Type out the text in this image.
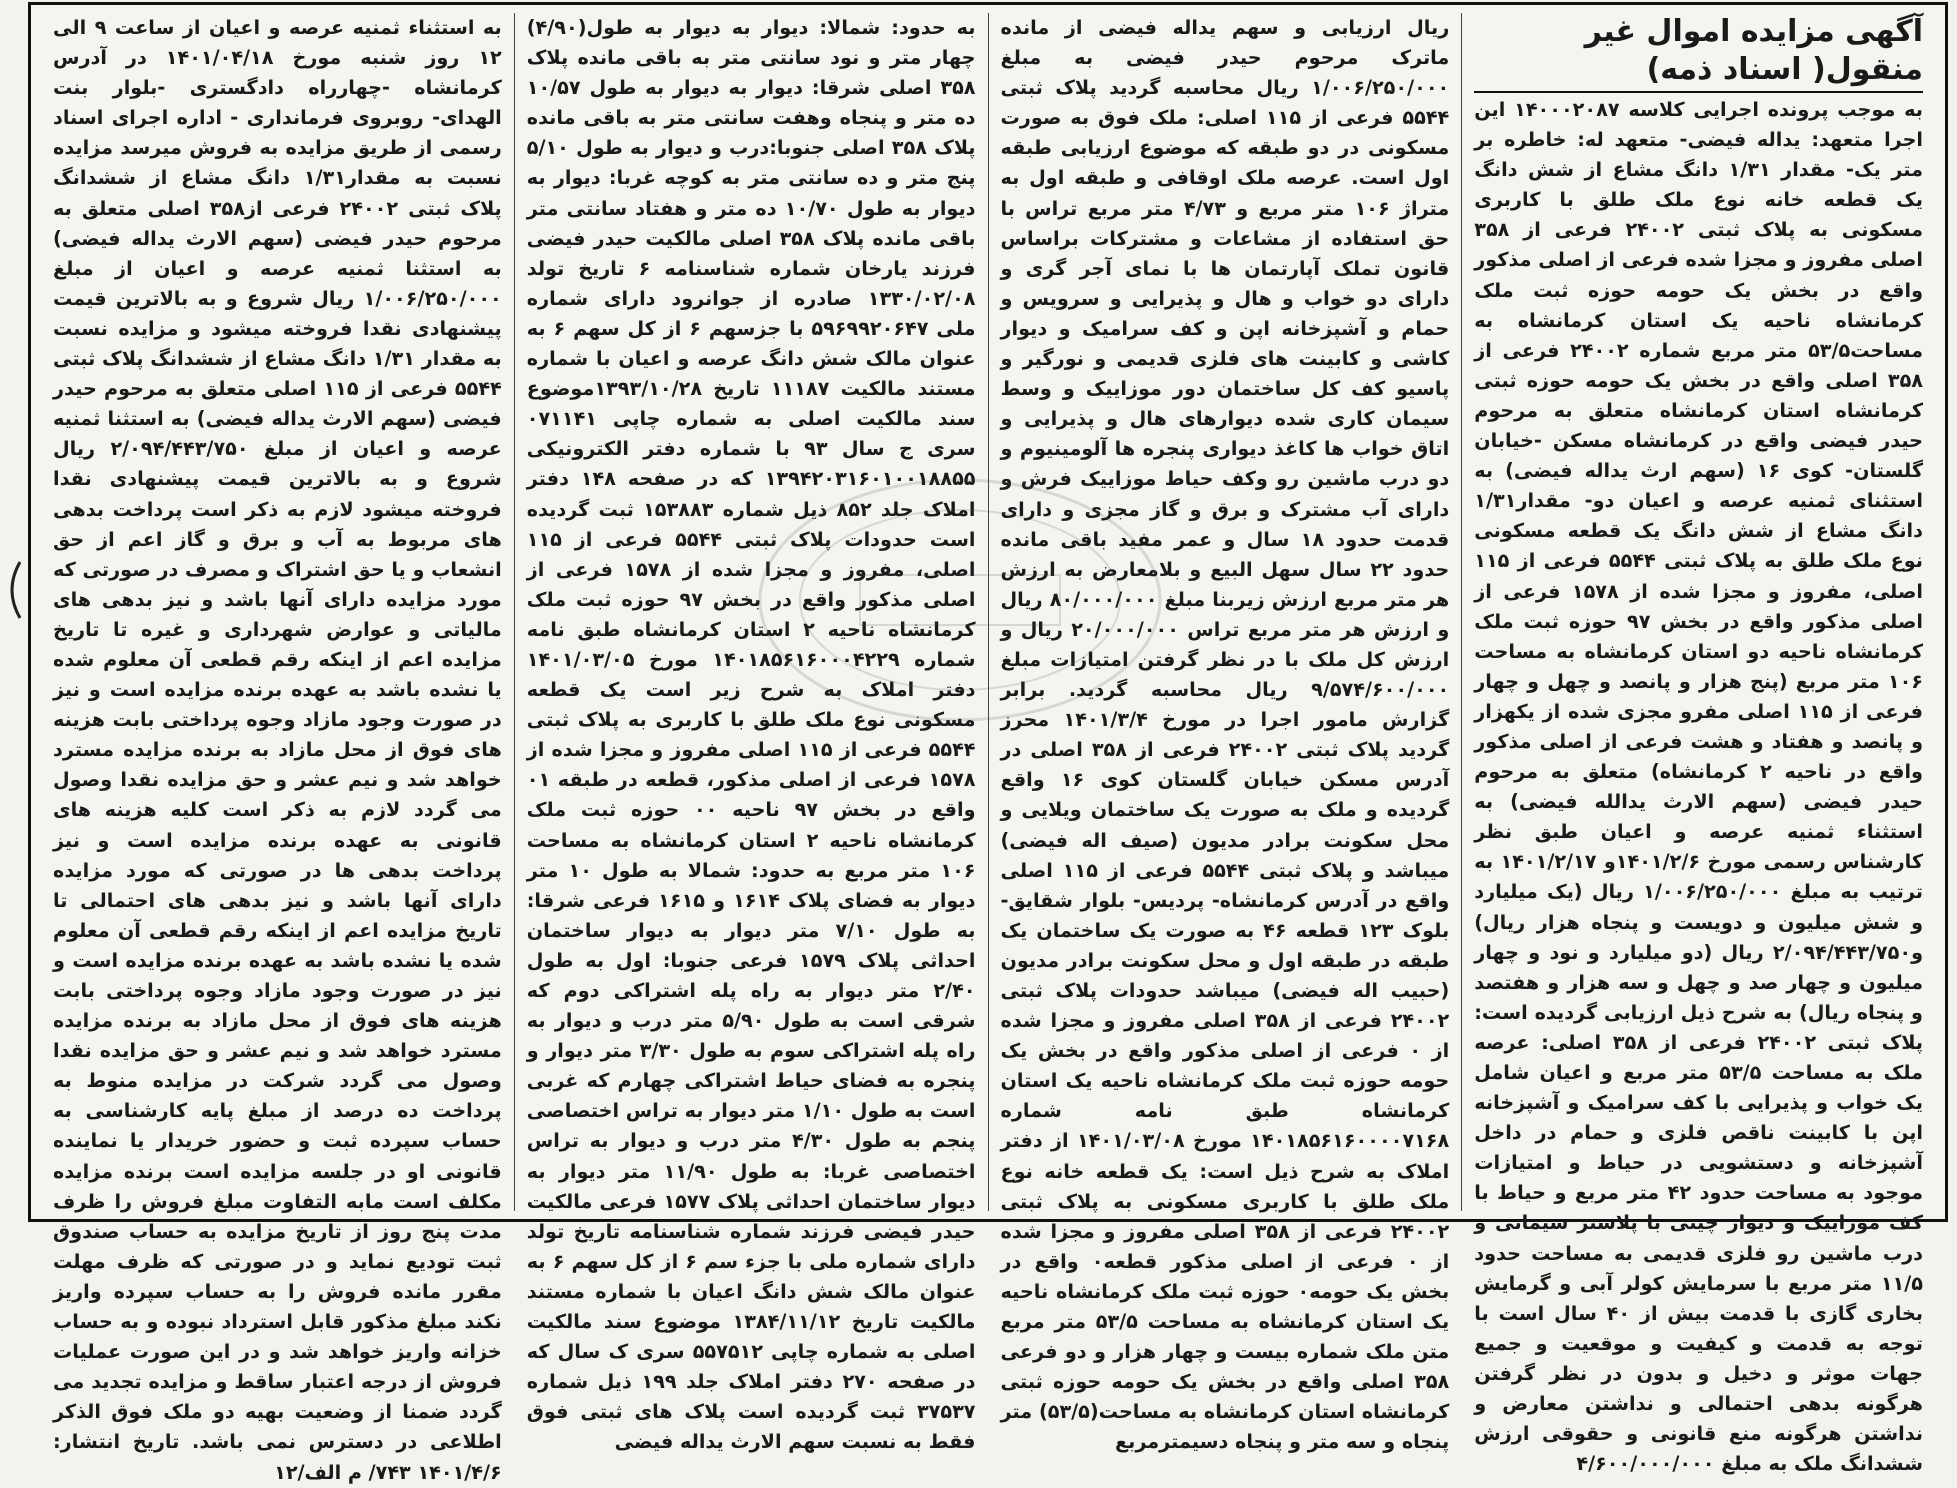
آگهی مزایده اموال غیر منقول( اسناد ذمه)

به موجب پرونده اجرایی کلاسه ۱۴۰۰۰۲۰۸۷ این اجرا متعهد: یداله فیضی- متعهد له: خاطره بر متر یک- مقدار ۱/۳۱ دانگ مشاع از شش دانگ یک قطعه خانه نوع ملک طلق با کاربری مسکونی به پلاک ثبتی ۲۴۰۰۲ فرعی از ۳۵۸ اصلی مفروز و مجزا شده فرعی از اصلی مذکور واقع در بخش یک حومه حوزه ثبت ملک کرمانشاه ناحیه یک استان کرمانشاه به مساحت۵۳/۵ متر مربع شماره ۲۴۰۰۲ فرعی از ۳۵۸ اصلی واقع در بخش یک حومه حوزه ثبتی کرمانشاه استان کرمانشاه متعلق به مرحوم حیدر فیضی واقع در کرمانشاه مسکن -خیابان گلستان- کوی ۱۶ (سهم ارث یداله فیضی) به استثنای ثمنیه عرصه و اعیان دو- مقدار۱/۳۱ دانگ مشاع از شش دانگ یک قطعه مسکونی نوع ملک طلق به پلاک ثبتی ۵۵۴۴ فرعی از ۱۱۵ اصلی، مفروز و مجزا شده از ۱۵۷۸ فرعی از اصلی مذکور واقع در بخش ۹۷ حوزه ثبت ملک کرمانشاه ناحیه دو استان کرمانشاه به مساحت ۱۰۶ متر مربع (پنج هزار و پانصد و چهل و چهار فرعی از ۱۱۵ اصلی مفرو مجزی شده از یکهزار و پانصد و هفتاد و هشت فرعی از اصلی مذکور واقع در ناحیه ۲ کرمانشاه) متعلق به مرحوم حیدر فیضی (سهم الارث یدالله فیضی) به استثناء ثمنیه عرصه و اعیان طبق نظر کارشناس رسمی مورخ ۱۴۰۱/۲/۶و ۱۴۰۱/۲/۱۷ به ترتیب به مبلغ ۱/۰۰۶/۲۵۰/۰۰۰ ریال (یک میلیارد و شش میلیون و دویست و پنجاه هزار ریال) و۲/۰۹۴/۴۴۳/۷۵۰ ریال (دو میلیارد و نود و چهار میلیون و چهار صد و چهل و سه هزار و هفتصد و پنجاه ریال) به شرح ذیل ارزیابی گردیده است: پلاک ثبتی ۲۴۰۰۲ فرعی از ۳۵۸ اصلی: عرصه ملک به مساحت ۵۳/۵ متر مربع و اعیان شامل یک خواب و پذیرایی با کف سرامیک و آشپزخانه اپن با کابینت ناقص فلزی و حمام در داخل آشپزخانه و دستشویی در حیاط و امتیازات موجود به مساحت حدود ۴۲ متر مربع و حیاط با کف موزاییک و دیوار چینی با پلاستر سیمانی و درب ماشین رو فلزی قدیمی به مساحت حدود ۱۱/۵ متر مربع با سرمایش کولر آبی و گرمایش بخاری گازی با قدمت بیش از ۴۰ سال است با توجه به قدمت و کیفیت و موقعیت و جمیع جهات موثر و دخیل و بدون در نظر گرفتن هرگونه بدهی احتمالی و نداشتن معارض و نداشتن هرگونه منع قانونی و حقوقی ارزش ششدانگ ملک به مبلغ ۴/۶۰۰/۰۰۰/۰۰۰

ریال ارزیابی و سهم یداله فیضی از مانده ماترک مرحوم حیدر فیضی به مبلغ ۱/۰۰۶/۲۵۰/۰۰۰ ریال محاسبه گردید پلاک ثبتی ۵۵۴۴ فرعی از ۱۱۵ اصلی: ملک فوق به صورت مسکونی در دو طبقه که موضوع ارزیابی طبقه اول است. عرصه ملک اوقافی و طبقه اول به متراژ ۱۰۶ متر مربع و ۴/۷۳ متر مربع تراس با حق استفاده از مشاعات و مشترکات براساس قانون تملک آپارتمان ها با نمای آجر گری و دارای دو خواب و هال و پذیرایی و سرویس و حمام و آشپزخانه اپن و کف سرامیک و دیوار کاشی و کابینت های فلزی قدیمی و نورگیر و پاسیو کف کل ساختمان دور موزاییک و وسط سیمان کاری شده دیوارهای هال و پذیرایی و اتاق خواب ها کاغذ دیواری پنجره ها آلومینیوم و دو درب ماشین رو وکف حیاط موزاییک فرش و دارای آب مشترک و برق و گاز مجزی و دارای قدمت حدود ۱۸ سال و عمر مفید باقی مانده حدود ۲۲ سال سهل البیع و بلامعارض به ارزش هر متر مربع ارزش زیربنا مبلغ ۸۰/۰۰۰/۰۰۰ ریال و ارزش هر متر مربع تراس ۲۰/۰۰۰/۰۰۰ ریال و ارزش کل ملک با در نظر گرفتن امتیازات مبلغ ۹/۵۷۴/۶۰۰/۰۰۰ ریال محاسبه گردید. برابر گزارش مامور اجرا در مورخ ۱۴۰۱/۳/۴ محرز گردید پلاک ثبتی ۲۴۰۰۲ فرعی از ۳۵۸ اصلی در آدرس مسکن خیابان گلستان کوی ۱۶ واقع گردیده و ملک به صورت یک ساختمان ویلایی و محل سکونت برادر مدیون (صیف اله فیضی) میباشد و پلاک ثبتی ۵۵۴۴ فرعی از ۱۱۵ اصلی واقع در آدرس کرمانشاه- پردیس- بلوار شقایق- بلوک ۱۲۳ قطعه ۴۶ به صورت یک ساختمان یک طبقه در طبقه اول و محل سکونت برادر مدیون (حبیب اله فیضی) میباشد حدودات پلاک ثبتی ۲۴۰۰۲ فرعی از ۳۵۸ اصلی مفروز و مجزا شده از ۰ فرعی از اصلی مذکور واقع در بخش یک حومه حوزه ثبت ملک کرمانشاه ناحیه یک استان کرمانشاه طبق نامه شماره ۱۴۰۱۸۵۶۱۶۰۰۰۰۷۱۶۸ مورخ ۱۴۰۱/۰۳/۰۸ از دفتر املاک به شرح ذیل است: یک قطعه خانه نوع ملک طلق با کاربری مسکونی به پلاک ثبتی ۲۴۰۰۲ فرعی از ۳۵۸ اصلی مفروز و مجزا شده از ۰ فرعی از اصلی مذکور قطعه۰ واقع در بخش یک حومه۰ حوزه ثبت ملک کرمانشاه ناحیه یک استان کرمانشاه به مساحت ۵۳/۵ متر مربع متن ملک شماره بیست و چهار هزار و دو فرعی ۳۵۸ اصلی واقع در بخش یک حومه حوزه ثبتی کرمانشاه استان کرمانشاه به مساحت(۵۳/۵) متر پنجاه و سه متر و پنجاه دسیمترمربع

به حدود: شمالا: دیوار به دیوار به طول(۴/۹۰) چهار متر و نود سانتی متر به باقی مانده پلاک ۳۵۸ اصلی شرقا: دیوار به دیوار به طول ۱۰/۵۷ ده متر و پنجاه وهفت سانتی متر به باقی مانده پلاک ۳۵۸ اصلی جنوبا:درب و دیوار به طول ۵/۱۰ پنج متر و ده سانتی متر به کوچه غربا: دیوار به دیوار به طول ۱۰/۷۰ ده متر و هفتاد سانتی متر باقی مانده پلاک ۳۵۸ اصلی مالکیت حیدر فیضی فرزند یارخان شماره شناسنامه ۶ تاریخ تولد ۱۳۳۰/۰۲/۰۸ صادره از جوانرود دارای شماره ملی ۵۹۶۹۹۲۰۶۴۷ با جزسهم ۶ از کل سهم ۶ به عنوان مالک شش دانگ عرصه و اعیان با شماره مستند مالکیت ۱۱۱۸۷ تاریخ ۱۳۹۳/۱۰/۲۸موضوع سند مالکیت اصلی به شماره چاپی ۰۷۱۱۴۱ سری ج سال ۹۳ با شماره دفتر الکترونیکی ۱۳۹۴۲۰۳۱۶۰۱۰۰۱۸۸۵۵ که در صفحه ۱۴۸ دفتر املاک جلد ۸۵۲ ذیل شماره ۱۵۳۸۸۳ ثبت گردیده است حدودات پلاک ثبتی ۵۵۴۴ فرعی از ۱۱۵ اصلی، مفروز و مجزا شده از ۱۵۷۸ فرعی از اصلی مذکور واقع در بخش ۹۷ حوزه ثبت ملک کرمانشاه ناحیه ۲ استان کرمانشاه طبق نامه شماره ۱۴۰۱۸۵۶۱۶۰۰۰۴۲۲۹ مورخ ۱۴۰۱/۰۳/۰۵ دفتر املاک به شرح زیر است یک قطعه مسکونی نوع ملک طلق با کاربری به پلاک ثبتی ۵۵۴۴ فرعی از ۱۱۵ اصلی مفروز و مجزا شده از ۱۵۷۸ فرعی از اصلی مذکور، قطعه در طبقه ۰۱ واقع در بخش ۹۷ ناحیه ۰۰ حوزه ثبت ملک کرمانشاه ناحیه ۲ استان کرمانشاه به مساحت ۱۰۶ متر مربع به حدود: شمالا به طول ۱۰ متر دیوار به فضای پلاک ۱۶۱۴ و ۱۶۱۵ فرعی شرقا: به طول ۷/۱۰ متر دیوار به دیوار ساختمان احداثی پلاک ۱۵۷۹ فرعی جنوبا: اول به طول ۲/۴۰ متر دیوار به راه پله اشتراکی دوم که شرقی است به طول ۵/۹۰ متر درب و دیوار به راه پله اشتراکی سوم به طول ۳/۳۰ متر دیوار و پنجره به فضای حیاط اشتراکی چهارم که غربی است به طول ۱/۱۰ متر دیوار به تراس اختصاصی پنجم به طول ۴/۳۰ متر درب و دیوار به تراس اختصاصی غربا: به طول ۱۱/۹۰ متر دیوار به دیوار ساختمان احداثی پلاک ۱۵۷۷ فرعی مالکیت حیدر فیضی فرزند شماره شناسنامه تاریخ تولد دارای شماره ملی با جزء سم ۶ از کل سهم ۶ به عنوان مالک شش دانگ اعیان با شماره مستند مالکیت تاریخ ۱۳۸۴/۱۱/۱۲ موضوع سند مالکیت اصلی به شماره چاپی ۵۵۷۵۱۲ سری ک سال که در صفحه ۲۷۰ دفتر املاک جلد ۱۹۹ ذیل شماره ۳۷۵۳۷ ثبت گردیده است پلاک های ثبتی فوق فقط به نسبت سهم الارث یداله فیضی

به استثناء ثمنیه عرصه و اعیان از ساعت ۹ الی ۱۲ روز شنبه مورخ ۱۴۰۱/۰۴/۱۸ در آدرس کرمانشاه -چهارراه دادگستری -بلوار بنت الهدای- روبروی فرمانداری - اداره اجرای اسناد رسمی از طریق مزایده به فروش میرسد مزایده نسبت به مقدار۱/۳۱ دانگ مشاع از ششدانگ پلاک ثبتی ۲۴۰۰۲ فرعی از۳۵۸ اصلی متعلق به مرحوم حیدر فیضی (سهم الارث یداله فیضی) به استثنا ثمنیه عرصه و اعیان از مبلغ ۱/۰۰۶/۲۵۰/۰۰۰ ریال شروع و به بالاترین قیمت پیشنهادی نقدا فروخته میشود و مزایده نسبت به مقدار ۱/۳۱ دانگ مشاع از ششدانگ پلاک ثبتی ۵۵۴۴ فرعی از ۱۱۵ اصلی متعلق به مرحوم حیدر فیضی (سهم الارث یداله فیضی) به استثنا ثمنیه عرصه و اعیان از مبلغ ۲/۰۹۴/۴۴۳/۷۵۰ ریال شروع و به بالاترین قیمت پیشنهادی نقدا فروخته میشود لازم به ذکر است پرداخت بدهی های مربوط به آب و برق و گاز اعم از حق انشعاب و یا حق اشتراک و مصرف در صورتی که مورد مزایده دارای آنها باشد و نیز بدهی های مالیاتی و عوارض شهرداری و غیره تا تاریخ مزایده اعم از اینکه رقم قطعی آن معلوم شده یا نشده باشد به عهده برنده مزایده است و نیز در صورت وجود مازاد وجوه پرداختی بابت هزینه های فوق از محل مازاد به برنده مزایده مسترد خواهد شد و نیم عشر و حق مزایده نقدا وصول می گردد لازم به ذکر است کلیه هزینه های قانونی به عهده برنده مزایده است و نیز پرداخت بدهی ها در صورتی که مورد مزایده دارای آنها باشد و نیز بدهی های احتمالی تا تاریخ مزایده اعم از اینکه رقم قطعی آن معلوم شده یا نشده باشد به عهده برنده مزایده است و نیز در صورت وجود مازاد وجوه پرداختی بابت هزینه های فوق از محل مازاد به برنده مزایده مسترد خواهد شد و نیم عشر و حق مزایده نقدا وصول می گردد شرکت در مزایده منوط به پرداخت ده درصد از مبلغ پایه کارشناسی به حساب سپرده ثبت و حضور خریدار یا نماینده قانونی او در جلسه مزایده است برنده مزایده مکلف است مابه التفاوت مبلغ فروش را ظرف مدت پنج روز از تاریخ مزایده به حساب صندوق ثبت تودیع نماید و در صورتی که ظرف مهلت مقرر مانده فروش را به حساب سپرده واریز نکند مبلغ مذکور قابل استرداد نبوده و به حساب خزانه واریز خواهد شد و در این صورت عملیات فروش از درجه اعتبار ساقط و مزایده تجدید می گردد ضمنا از وضعیت بهیه دو ملک فوق الذکر اطلاعی در دسترس نمی باشد. تاریخ انتشار: ۱۴۰۱/۴/۶ ۷۴۳/ م الف/۱۲
